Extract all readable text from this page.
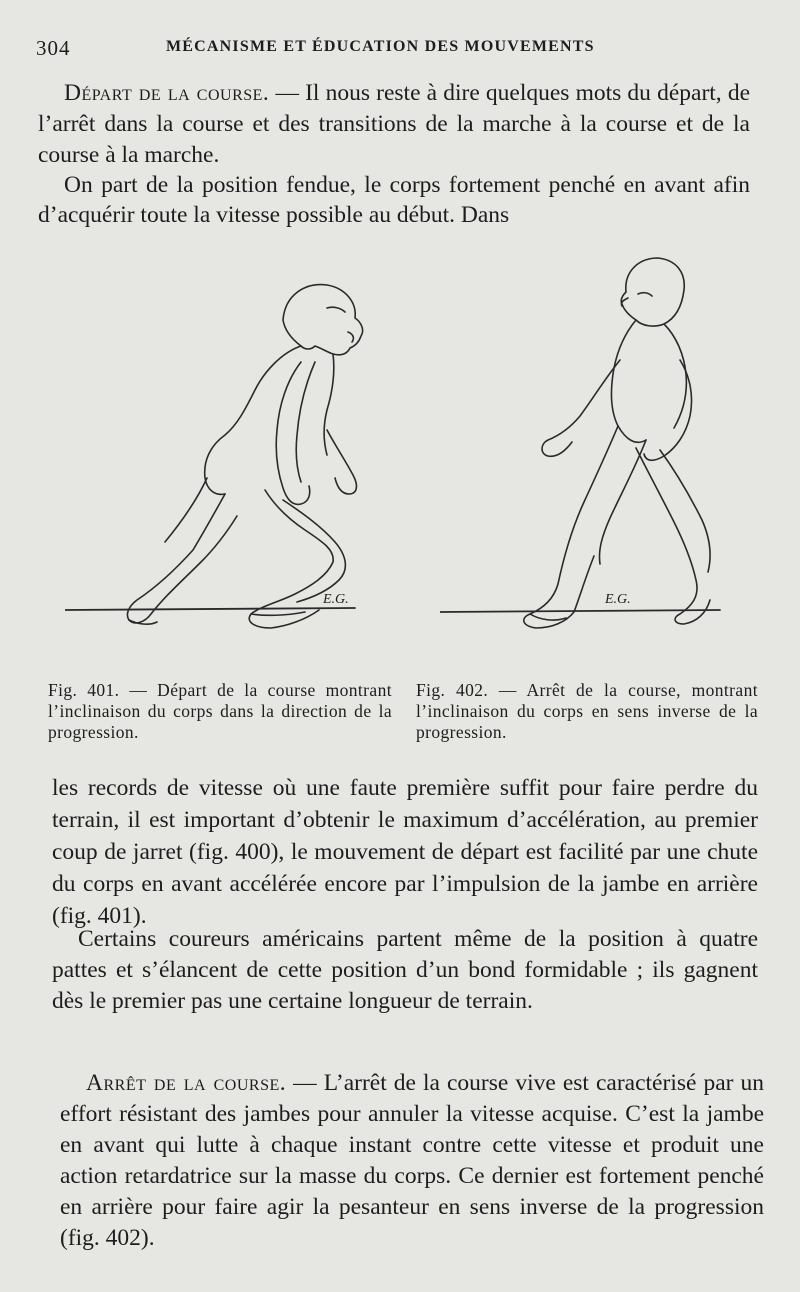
304	MÉCANISME ET ÉDUCATION DES MOUVEMENTS

Départ de la course. — Il nous reste à dire quelques mots du départ, de l’arrêt dans la course et des transitions de la marche à la course et de la course à la marche.

On part de la position fendue, le corps fortement penché en avant afin d’acquérir toute la vitesse possible au début. Dans

E.G.	E.G.

Fig. 401. — Départ de la course montrant l’inclinaison du corps dans la direction de la progression.

Fig. 402. — Arrêt de la course, montrant l’inclinaison du corps en sens inverse de la progression.

les records de vitesse où une faute première suffit pour faire perdre du terrain, il est important d’obtenir le maximum d’accélération, au premier coup de jarret (fig. 400), le mouvement de départ est facilité par une chute du corps en avant accélérée encore par l’impulsion de la jambe en arrière (fig. 401).

Certains coureurs américains partent même de la position à quatre pattes et s’élancent de cette position d’un bond formidable ; ils gagnent dès le premier pas une certaine longueur de terrain.

Arrêt de la course. — L’arrêt de la course vive est caractérisé par un effort résistant des jambes pour annuler la vitesse acquise. C’est la jambe en avant qui lutte à chaque instant contre cette vitesse et produit une action retardatrice sur la masse du corps. Ce dernier est fortement penché en arrière pour faire agir la pesanteur en sens inverse de la progression (fig. 402).
